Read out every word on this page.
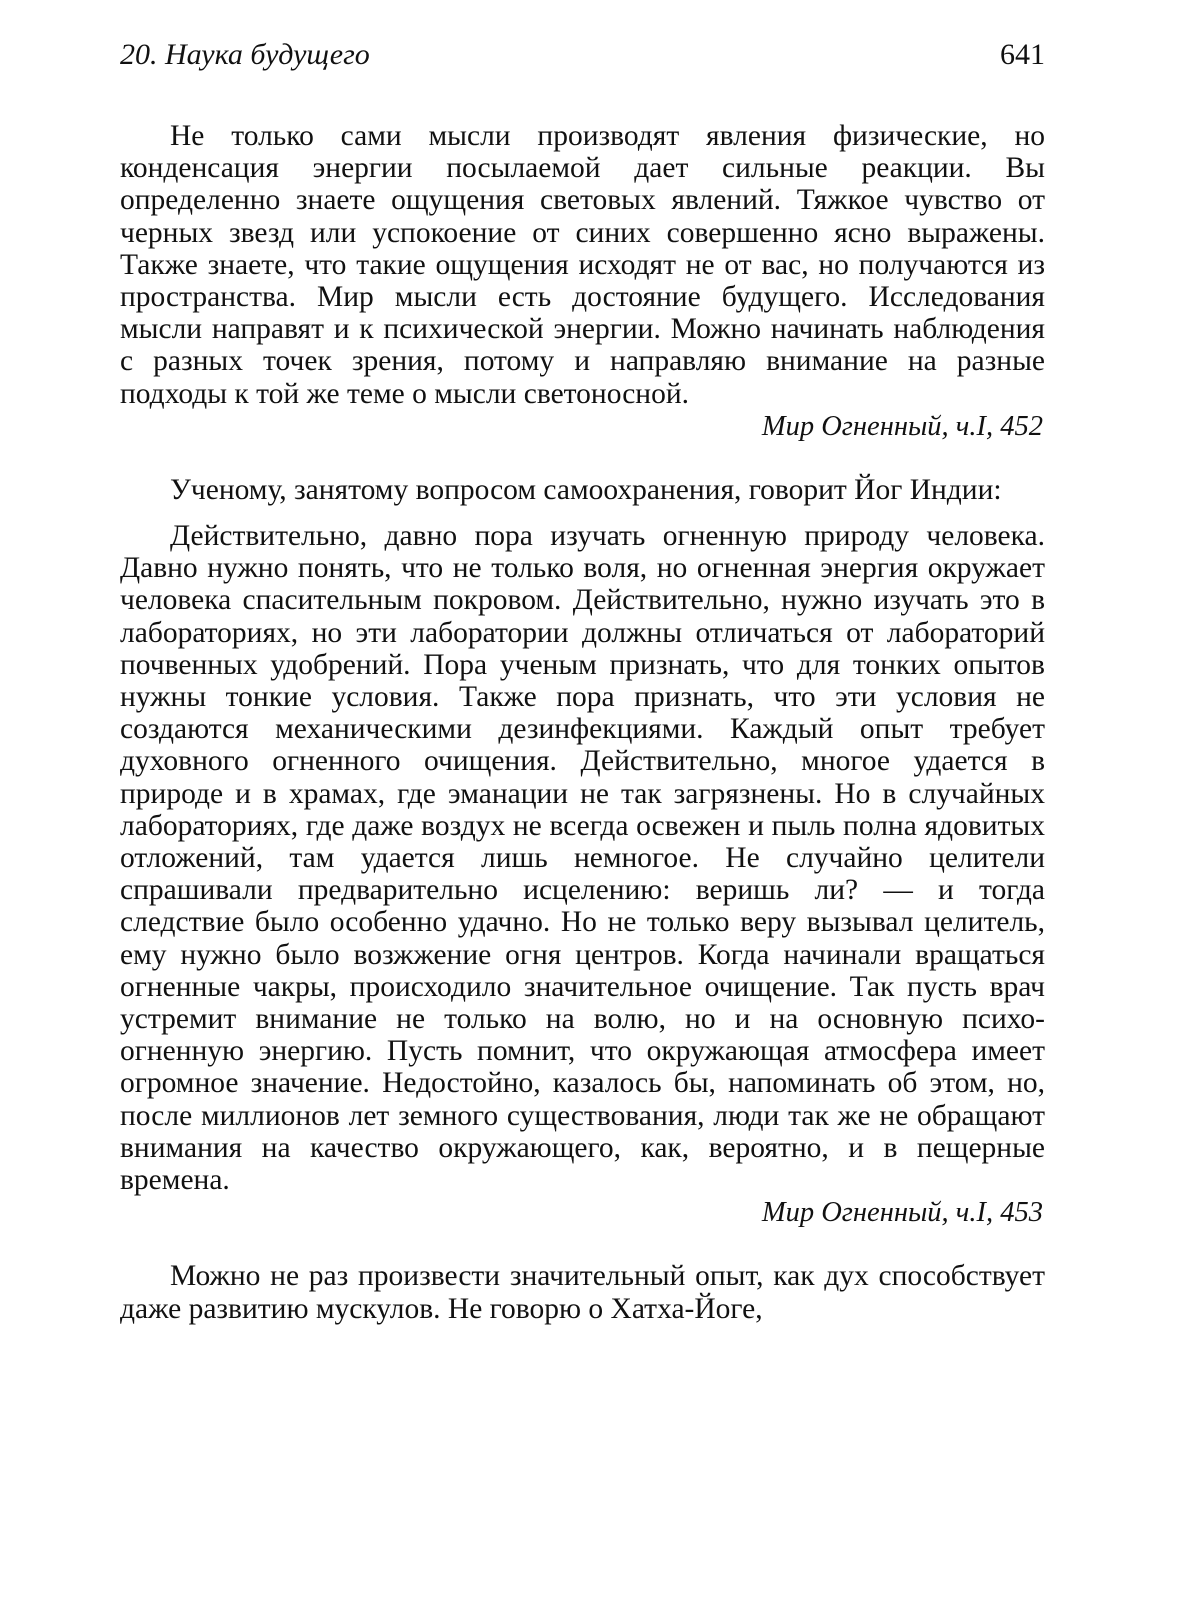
20. Наука будущего	641

Не только сами мысли производят явления физические, но конденсация энергии посылаемой дает сильные реакции. Вы определенно знаете ощущения световых явлений. Тяжкое чувство от черных звезд или успокоение от синих совершенно ясно выражены. Также знаете, что такие ощущения исходят не от вас, но получаются из пространства. Мир мысли есть достояние будущего. Исследования мысли направят и к психической энергии. Можно начинать наблюдения с разных точек зрения, потому и направляю внимание на разные подходы к той же теме о мысли светоносной.

Мир Огненный, ч.I, 452

Ученому, занятому вопросом самоохранения, говорит Йог Индии:

Действительно, давно пора изучать огненную природу человека. Давно нужно понять, что не только воля, но огненная энергия окружает человека спасительным покровом. Действительно, нужно изучать это в лабораториях, но эти лаборатории должны отличаться от лабораторий почвенных удобрений. Пора ученым признать, что для тонких опытов нужны тонкие условия. Также пора признать, что эти условия не создаются механическими дезинфекциями. Каждый опыт требует духовного огненного очищения. Действительно, многое удается в природе и в храмах, где эманации не так загрязнены. Но в случайных лабораториях, где даже воздух не всегда освежен и пыль полна ядовитых отложений, там удается лишь немногое. Не случайно целители спрашивали предварительно исцелению: веришь ли? — и тогда следствие было особенно удачно. Но не только веру вызывал целитель, ему нужно было возжжение огня центров. Когда начинали вращаться огненные чакры, происходило значительное очищение. Так пусть врач устремит внимание не только на волю, но и на основную психо-огненную энергию. Пусть помнит, что окружающая атмосфера имеет огромное значение. Недостойно, казалось бы, напоминать об этом, но, после миллионов лет земного существования, люди так же не обращают внимания на качество окружающего, как, вероятно, и в пещерные времена.

Мир Огненный, ч.I, 453

Можно не раз произвести значительный опыт, как дух способствует даже развитию мускулов. Не говорю о Хатха-Йоге,
